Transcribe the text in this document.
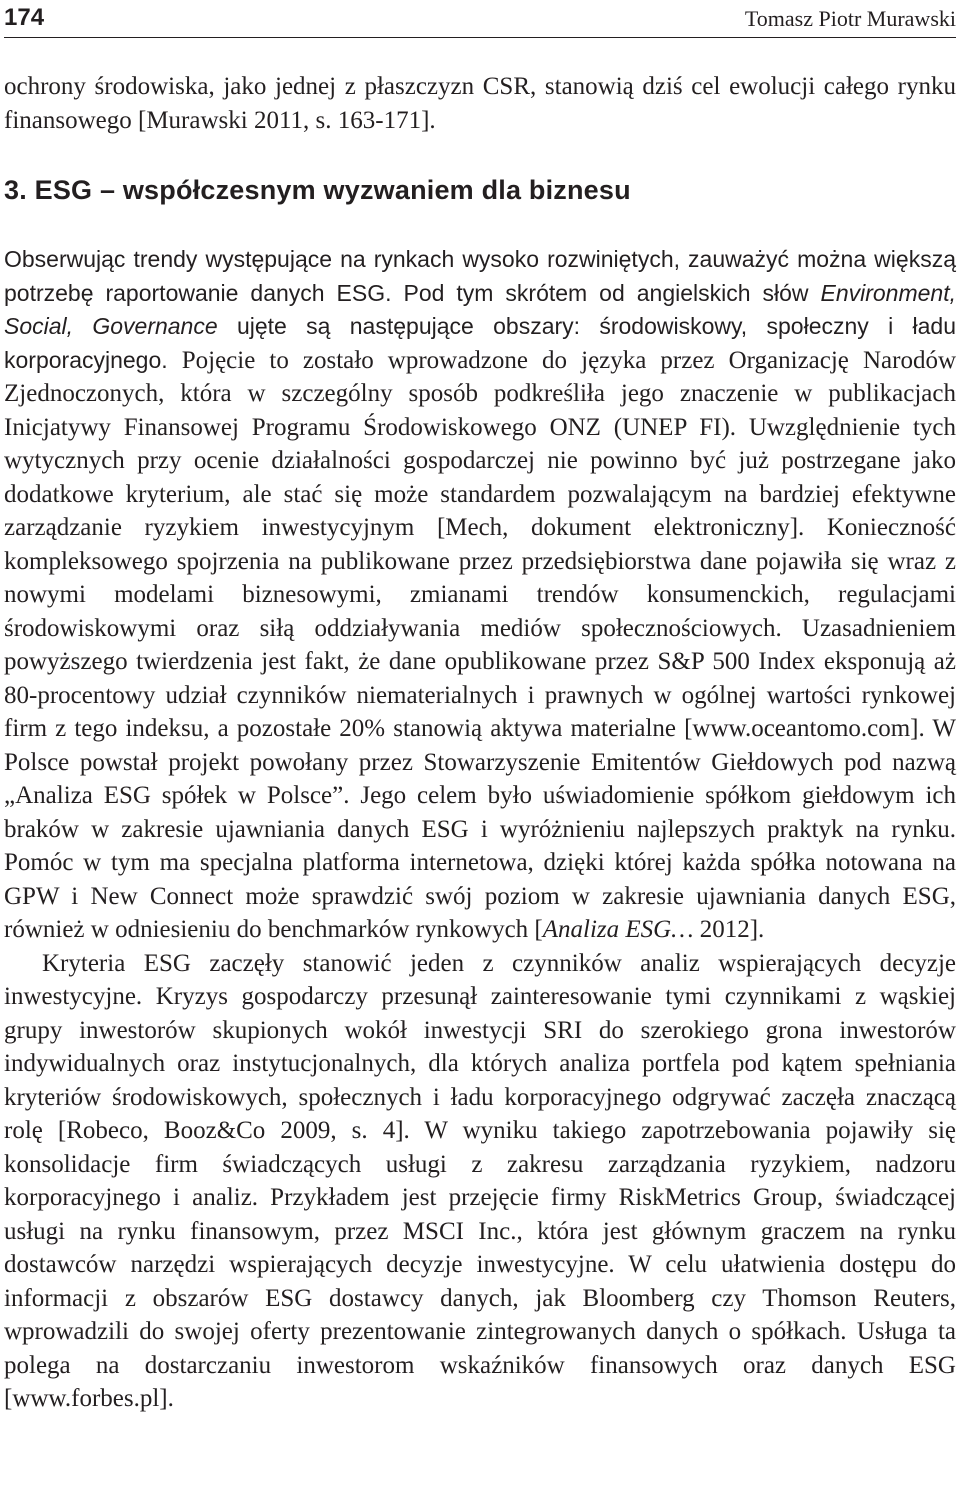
174	Tomasz Piotr Murawski

ochrony środowiska, jako jednej z płaszczyzn CSR, stanowią dziś cel ewolucji całego rynku finansowego [Murawski 2011, s. 163-171].

3. ESG – współczesnym wyzwaniem dla biznesu

Obserwując trendy występujące na rynkach wysoko rozwiniętych, zauważyć można większą potrzebę raportowanie danych ESG. Pod tym skrótem od angielskich słów Environment, Social, Governance ujęte są następujące obszary: środowiskowy, społeczny i ładu korporacyjnego. Pojęcie to zostało wprowadzone do języka przez Organizację Narodów Zjednoczonych, która w szczególny sposób podkreśliła jego znaczenie w publikacjach Inicjatywy Finansowej Programu Środowiskowego ONZ (UNEP FI). Uwzględnienie tych wytycznych przy ocenie działalności gospodarczej nie powinno być już postrzegane jako dodatkowe kryterium, ale stać się może standardem pozwalającym na bardziej efektywne zarządzanie ryzykiem inwestycyjnym [Mech, dokument elektroniczny]. Konieczność kompleksowego spojrzenia na publikowane przez przedsiębiorstwa dane pojawiła się wraz z nowymi modelami biznesowymi, zmianami trendów konsumenckich, regulacjami środowiskowymi oraz siłą oddziaływania mediów społecznościowych. Uzasadnieniem powyższego twierdzenia jest fakt, że dane opublikowane przez S&P 500 Index eksponują aż 80-procentowy udział czynników niematerialnych i prawnych w ogólnej wartości rynkowej firm z tego indeksu, a pozostałe 20% stanowią aktywa materialne [www.oceantomo.com]. W Polsce powstał projekt powołany przez Stowarzyszenie Emitentów Giełdowych pod nazwą „Analiza ESG spółek w Polsce”. Jego celem było uświadomienie spółkom giełdowym ich braków w zakresie ujawniania danych ESG i wyróżnieniu najlepszych praktyk na rynku. Pomóc w tym ma specjalna platforma internetowa, dzięki której każda spółka notowana na GPW i New Connect może sprawdzić swój poziom w zakresie ujawniania danych ESG, również w odniesieniu do benchmarków rynkowych [Analiza ESG… 2012].

Kryteria ESG zaczęły stanowić jeden z czynników analiz wspierających decyzje inwestycyjne. Kryzys gospodarczy przesunął zainteresowanie tymi czynnikami z wąskiej grupy inwestorów skupionych wokół inwestycji SRI do szerokiego grona inwestorów indywidualnych oraz instytucjonalnych, dla których analiza portfela pod kątem spełniania kryteriów środowiskowych, społecznych i ładu korporacyjnego odgrywać zaczęła znaczącą rolę [Robeco, Booz&Co 2009, s. 4]. W wyniku takiego zapotrzebowania pojawiły się konsolidacje firm świadczących usługi z zakresu zarządzania ryzykiem, nadzoru korporacyjnego i analiz. Przykładem jest przejęcie firmy RiskMetrics Group, świadczącej usługi na rynku finansowym, przez MSCI Inc., która jest głównym graczem na rynku dostawców narzędzi wspierających decyzje inwestycyjne. W celu ułatwienia dostępu do informacji z obszarów ESG dostawcy danych, jak Bloomberg czy Thomson Reuters, wprowadzili do swojej oferty prezentowanie zintegrowanych danych o spółkach. Usługa ta polega na dostarczaniu inwestorom wskaźników finansowych oraz danych ESG [www.forbes.pl].
